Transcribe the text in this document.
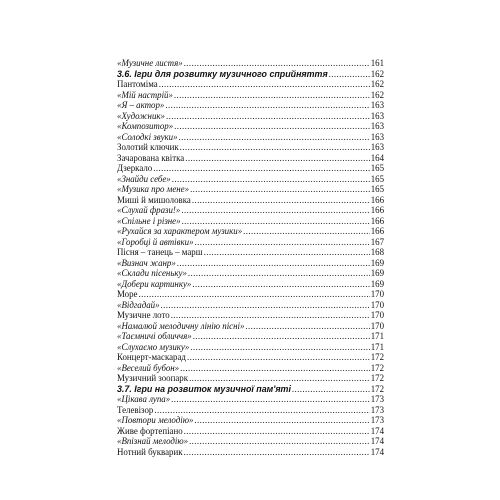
«Музичне листя» .....	161
3.6. Ігри для розвитку музичного сприйняття .....	162
Пантоміма .....	162
«Мій настрій» .....	162
«Я – актор» .....	163
«Художник» .....	163
«Композитор» .....	163
«Солодкі звуки» .....	163
Золотий ключик .....	163
Зачарована квітка .....	164
Дзеркало .....	165
«Знайди себе» .....	165
«Музика про мене» .....	165
Миші й мишоловка .....	166
«Слухай фрази!» .....	166
«Спільне і різне» .....	166
«Рухайся за характером музики» .....	166
«Горобці й автівки» .....	167
Пісня – танець – марш .....	168
«Визнач жанр» .....	169
«Склади пісеньку» .....	169
«Добери картинку» .....	169
Море .....	170
«Відгадай» .....	170
Музичне лото .....	170
«Намалюй мелодичну лінію пісні» .....	170
«Таємничі обличчя» .....	171
«Слухаємо музику» .....	171
Концерт-маскарад .....	172
«Веселий бубон» .....	172
Музичний зоопарк .....	172
3.7. Ігри на розвиток музичної пам'яті .....	172
«Цікава лупа» .....	173
Телевізор .....	173
«Повтори мелодію» .....	173
Живе фортепіано .....	174
«Впізнай мелодію» .....	174
Нотний букварик .....	174
